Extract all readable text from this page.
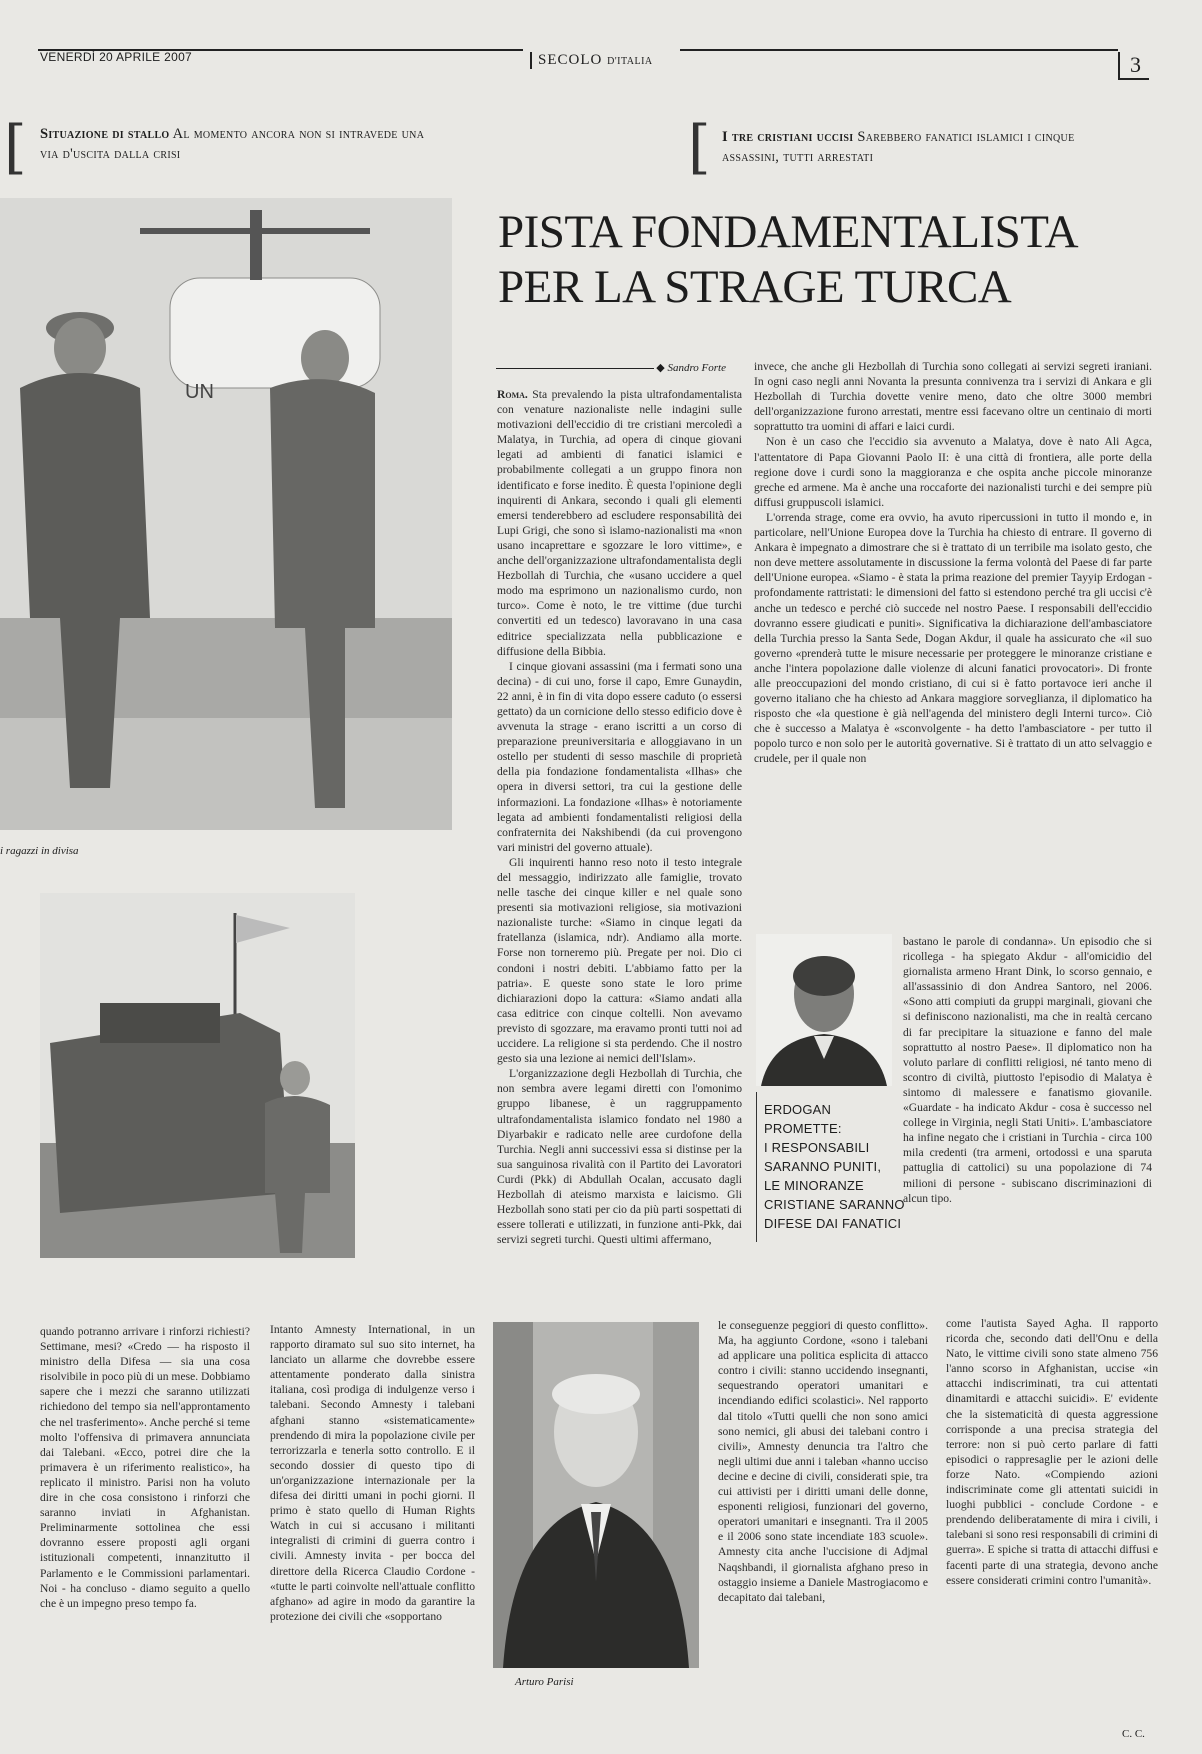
VENERDÌ 20 APRILE 2007	SECOLO D'ITALIA	3
[ Situazione di stallo Al momento ancora non si intravede una via d'uscita dalla crisi	[ I tre cristiani uccisi Sarebbero fanatici islamici i cinque assassini, tutti arrestati
PISTA FONDAMENTALISTA
PER LA STRAGE TURCA
◆ Sandro Forte
UN
i ragazzi in divisa

Roma. Sta prevalendo la pista ultrafondamentalista con venature nazionaliste nelle indagini sulle motivazioni dell'eccidio di tre cristiani mercoledì a Malatya, in Turchia, ad opera di cinque giovani legati ad ambienti di fanatici islamici e probabilmente collegati a un gruppo finora non identificato e forse inedito. È questa l'opinione degli inquirenti di Ankara, secondo i quali gli elementi emersi tenderebbero ad escludere responsabilità dei Lupi Grigi, che sono sì islamo-nazionalisti ma «non usano incaprettare e sgozzare le loro vittime», e anche dell'organizzazione ultrafondamentalista degli Hezbollah di Turchia, che «usano uccidere a quel modo ma esprimono un nazionalismo curdo, non turco». Come è noto, le tre vittime (due turchi convertiti ed un tedesco) lavoravano in una casa editrice specializzata nella pubblicazione e diffusione della Bibbia.

I cinque giovani assassini (ma i fermati sono una decina) - di cui uno, forse il capo, Emre Gunaydin, 22 anni, è in fin di vita dopo essere caduto (o essersi gettato) da un cornicione dello stesso edificio dove è avvenuta la strage - erano iscritti a un corso di preparazione preuniversitaria e alloggiavano in un ostello per studenti di sesso maschile di proprietà della pia fondazione fondamentalista «Ilhas» che opera in diversi settori, tra cui la gestione delle informazioni. La fondazione «Ilhas» è notoriamente legata ad ambienti fondamentalisti religiosi della confraternita dei Nakshibendi (da cui provengono vari ministri del governo attuale).

Gli inquirenti hanno reso noto il testo integrale del messaggio, indirizzato alle famiglie, trovato nelle tasche dei cinque killer e nel quale sono presenti sia motivazioni religiose, sia motivazioni nazionaliste turche: «Siamo in cinque legati da fratellanza (islamica, ndr). Andiamo alla morte. Forse non torneremo più. Pregate per noi. Dio ci condoni i nostri debiti. L'abbiamo fatto per la patria». E queste sono state le loro prime dichiarazioni dopo la cattura: «Siamo andati alla casa editrice con cinque coltelli. Non avevamo previsto di sgozzare, ma eravamo pronti tutti noi ad uccidere. La religione si sta perdendo. Che il nostro gesto sia una lezione ai nemici dell'Islam».

L'organizzazione degli Hezbollah di Turchia, che non sembra avere legami diretti con l'omonimo gruppo libanese, è un raggruppamento ultrafondamentalista islamico fondato nel 1980 a Diyarbakir e radicato nelle aree curdofone della Turchia. Negli anni successivi essa si distinse per la sua sanguinosa rivalità con il Partito dei Lavoratori Curdi (Pkk) di Abdullah Ocalan, accusato dagli Hezbollah di ateismo marxista e laicismo. Gli Hezbollah sono stati per cio da più parti sospettati di essere tollerati e utilizzati, in funzione anti-Pkk, dai servizi segreti turchi. Questi ultimi affermano,

invece, che anche gli Hezbollah di Turchia sono collegati ai servizi segreti iraniani. In ogni caso negli anni Novanta la presunta connivenza tra i servizi di Ankara e gli Hezbollah di Turchia dovette venire meno, dato che oltre 3000 membri dell'organizzazione furono arrestati, mentre essi facevano oltre un centinaio di morti soprattutto tra uomini di affari e laici curdi.

Non è un caso che l'eccidio sia avvenuto a Malatya, dove è nato Ali Agca, l'attentatore di Papa Giovanni Paolo II: è una città di frontiera, alle porte della regione dove i curdi sono la maggioranza e che ospita anche piccole minoranze greche ed armene. Ma è anche una roccaforte dei nazionalisti turchi e dei sempre più diffusi gruppuscoli islamici.

L'orrenda strage, come era ovvio, ha avuto ripercussioni in tutto il mondo e, in particolare, nell'Unione Europea dove la Turchia ha chiesto di entrare. Il governo di Ankara è impegnato a dimostrare che si è trattato di un terribile ma isolato gesto, che non deve mettere assolutamente in discussione la ferma volontà del Paese di far parte dell'Unione europea. «Siamo - è stata la prima reazione del premier Tayyip Erdogan - profondamente rattristati: le dimensioni del fatto si estendono perché tra gli uccisi c'è anche un tedesco e perché ciò succede nel nostro Paese. I responsabili dell'eccidio dovranno essere giudicati e puniti». Significativa la dichiarazione dell'ambasciatore della Turchia presso la Santa Sede, Dogan Akdur, il quale ha assicurato che «il suo governo «prenderà tutte le misure necessarie per proteggere le minoranze cristiane e anche l'intera popolazione dalle violenze di alcuni fanatici provocatori». Di fronte alle preoccupazioni del mondo cristiano, di cui si è fatto portavoce ieri anche il governo italiano che ha chiesto ad Ankara maggiore sorveglianza, il diplomatico ha risposto che «la questione è già nell'agenda del ministero degli Interni turco». Ciò che è successo a Malatya è «sconvolgente - ha detto l'ambasciatore - per tutto il popolo turco e non solo per le autorità governative. Si è trattato di un atto selvaggio e crudele, per il quale non

ERDOGAN PROMETTE:

I RESPONSABILI

SARANNO PUNITI,

LE MINORANZE

CRISTIANE SARANNO

DIFESE DAI FANATICI

bastano le parole di condanna». Un episodio che si ricollega - ha spiegato Akdur - all'omicidio del giornalista armeno Hrant Dink, lo scorso gennaio, e all'assassinio di don Andrea Santoro, nel 2006. «Sono atti compiuti da gruppi marginali, giovani che si definiscono nazionalisti, ma che in realtà cercano di far precipitare la situazione e fanno del male soprattutto al nostro Paese». Il diplomatico non ha voluto parlare di conflitti religiosi, né tanto meno di scontro di civiltà, piuttosto l'episodio di Malatya è sintomo di malessere e fanatismo giovanile. «Guardate - ha indicato Akdur - cosa è successo nel college in Virginia, negli Stati Uniti». L'ambasciatore ha infine negato che i cristiani in Turchia - circa 100 mila credenti (tra armeni, ortodossi e una sparuta pattuglia di cattolici) su una popolazione di 74 milioni di persone - subiscano discriminazioni di alcun tipo.

quando potranno arrivare i rinforzi richiesti? Settimane, mesi? «Credo — ha risposto il ministro della Difesa — sia una cosa risolvibile in poco più di un mese. Dobbiamo sapere che i mezzi che saranno utilizzati richiedono del tempo sia nell'approntamento che nel trasferimento». Anche perché si teme molto l'offensiva di primavera annunciata dai Talebani. «Ecco, potrei dire che la primavera è un riferimento realistico», ha replicato il ministro. Parisi non ha voluto dire in che cosa consistono i rinforzi che saranno inviati in Afghanistan. Preliminarmente sottolinea che essi dovranno essere proposti agli organi istituzionali competenti, innanzitutto il Parlamento e le Commissioni parlamentari. Noi - ha concluso - diamo seguito a quello che è un impegno preso tempo fa.

Intanto Amnesty International, in un rapporto diramato sul suo sito internet, ha lanciato un allarme che dovrebbe essere attentamente ponderato dalla sinistra italiana, così prodiga di indulgenze verso i talebani. Secondo Amnesty i talebani afghani stanno «sistematicamente» prendendo di mira la popolazione civile per terrorizzarla e tenerla sotto controllo. E il secondo dossier di questo tipo di un'organizzazione internazionale per la difesa dei diritti umani in pochi giorni. Il primo è stato quello di Human Rights Watch in cui si accusano i militanti integralisti di crimini di guerra contro i civili. Amnesty invita - per bocca del direttore della Ricerca Claudio Cordone - «tutte le parti coinvolte nell'attuale conflitto afghano» ad agire in modo da garantire la protezione dei civili che «sopportano

Arturo Parisi

le conseguenze peggiori di questo conflitto». Ma, ha aggiunto Cordone, «sono i talebani ad applicare una politica esplicita di attacco contro i civili: stanno uccidendo insegnanti, sequestrando operatori umanitari e incendiando edifici scolastici». Nel rapporto dal titolo «Tutti quelli che non sono amici sono nemici, gli abusi dei talebani contro i civili», Amnesty denuncia tra l'altro che negli ultimi due anni i taleban «hanno ucciso decine e decine di civili, considerati spie, tra cui attivisti per i diritti umani delle donne, esponenti religiosi, funzionari del governo, operatori umanitari e insegnanti. Tra il 2005 e il 2006 sono state incendiate 183 scuole». Amnesty cita anche l'uccisione di Adjmal Naqshbandi, il giornalista afghano preso in ostaggio insieme a Daniele Mastrogiacomo e decapitato dai talebani,

come l'autista Sayed Agha. Il rapporto ricorda che, secondo dati dell'Onu e della Nato, le vittime civili sono state almeno 756 l'anno scorso in Afghanistan, uccise «in attacchi indiscriminati, tra cui attentati dinamitardi e attacchi suicidi». E' evidente che la sistematicità di questa aggressione corrisponde a una precisa strategia del terrore: non si può certo parlare di fatti episodici o rappresaglie per le azioni delle forze Nato. «Compiendo azioni indiscriminate come gli attentati suicidi in luoghi pubblici - conclude Cordone - e prendendo deliberatamente di mira i civili, i talebani si sono resi responsabili di crimini di guerra». E spiche si tratta di attacchi diffusi e facenti parte di una strategia, devono anche essere considerati crimini contro l'umanità».

C. C.
